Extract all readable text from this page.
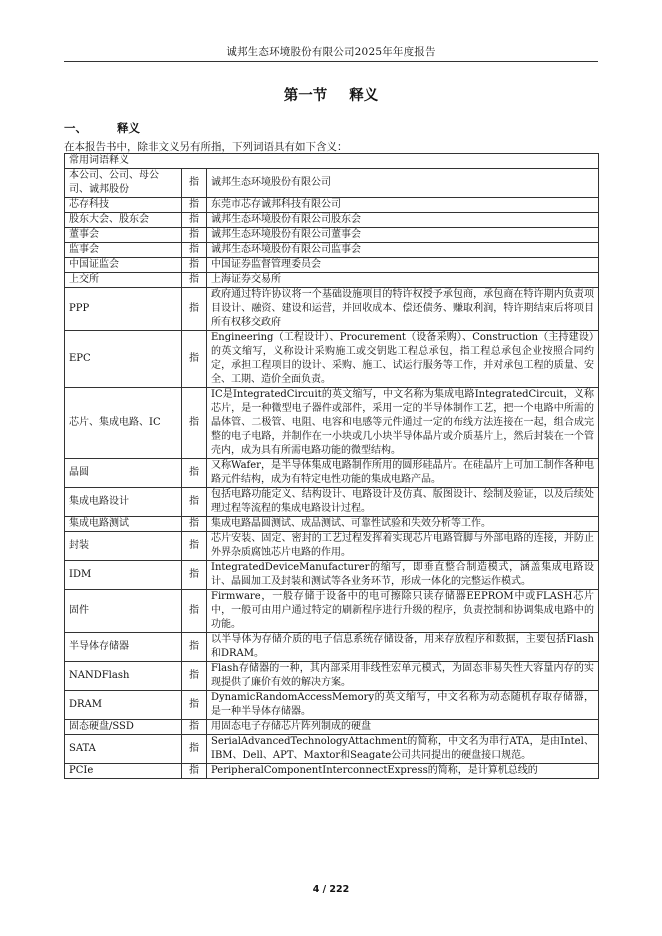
诚邦生态环境股份有限公司2025年年度报告
第一节 释义
一、	释义
在本报告书中，除非文义另有所指，下列词语具有如下含义：
常用词语释义		
本公司、公司、母公司、诚邦股份	指	诚邦生态环境股份有限公司
芯存科技	指	东莞市芯存诚邦科技有限公司
股东大会、股东会	指	诚邦生态环境股份有限公司股东会
董事会	指	诚邦生态环境股份有限公司董事会
监事会	指	诚邦生态环境股份有限公司监事会
中国证监会	指	中国证券监督管理委员会
上交所	指	上海证券交易所
PPP	指	政府通过特许协议将一个基础设施项目的特许权授予承包商，承包商在特许期内负责项目设计、融资、建设和运营，并回收成本、偿还债务、赚取利润，特许期结束后将项目所有权移交政府
EPC	指	Engineering（工程设计）、Procurement（设备采购）、Construction（主持建设）的英文缩写，义称设计采购施工或交钥匙工程总承包，指工程总承包企业按照合同约定，承担工程项目的设计、采购、施工、试运行服务等工作，并对承包工程的质量、安全、工期、造价全面负责。
芯片、集成电路、IC	指	IC是IntegratedCircuit的英文缩写，中文名称为集成电路IntegratedCircuit，义称芯片，是一种微型电子器件或部件，采用一定的半导体制作工艺，把一个电路中所需的晶体管、二极管、电阻、电容和电感等元件通过一定的布线方法连接在一起，组合成完整的电子电路，并制作在一小块或几小块半导体晶片或介质基片上，然后封装在一个管壳内，成为具有所需电路功能的微型结构。
晶圆	指	又称Wafer，是半导体集成电路制作所用的圆形硅晶片。在硅晶片上可加工制作各种电路元件结构，成为有特定电性功能的集成电路产品。
集成电路设计	指	包括电路功能定义、结构设计、电路设计及仿真、版图设计、绘制及验证，以及后续处理过程等流程的集成电路设计过程。
集成电路测试	指	集成电路晶圆测试、成品测试、可靠性试验和失效分析等工作。
封装	指	芯片安装、固定、密封的工艺过程发挥着实现芯片电路管脚与外部电路的连接，并防止外界杂质腐蚀芯片电路的作用。
IDM	指	IntegratedDeviceManufacturer的缩写，即垂直整合制造模式，涵盖集成电路设计、晶圆加工及封装和测试等各业务环节，形成一体化的完整运作模式。
固件	指	Firmware，一般存储于设备中的电可擦除只读存储器EEPROM中或FLASH芯片中，一般可由用户通过特定的刷新程序进行升级的程序，负责控制和协调集成电路中的功能。
半导体存储器	指	以半导体为存储介质的电子信息系统存储设备，用来存放程序和数据，主要包括Flash和DRAM。
NANDFlash	指	Flash存储器的一种，其内部采用非线性宏单元模式，为固态非易失性大容量内存的实现提供了廉价有效的解决方案。
DRAM	指	DynamicRandomAccessMemory的英文缩写，中文名称为动态随机存取存储器，是一种半导体存储器。
固态硬盘/SSD	指	用固态电子存储芯片阵列制成的硬盘
SATA	指	SerialAdvancedTechnologyAttachment的简称，中文名为串行ATA，是由Intel、IBM、Dell、APT、Maxtor和Seagate公司共同提出的硬盘接口规范。
PCIe	指	PeripheralComponentInterconnectExpress的简称，是计算机总线的
4 / 222
